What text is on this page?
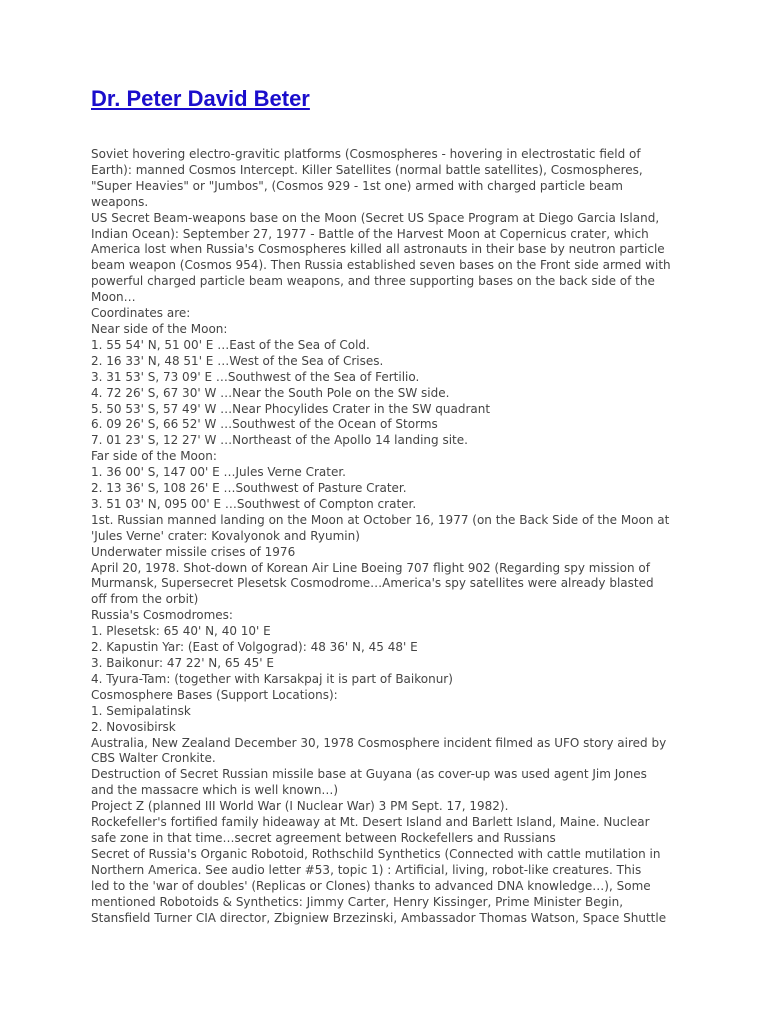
Dr. Peter David Beter
Soviet hovering electro-gravitic platforms (Cosmospheres - hovering in electrostatic field of
Earth): manned Cosmos Intercept. Killer Satellites (normal battle satellites), Cosmospheres,
"Super Heavies" or "Jumbos", (Cosmos 929 - 1st one) armed with charged particle beam
weapons.
US Secret Beam-weapons base on the Moon (Secret US Space Program at Diego Garcia Island,
Indian Ocean): September 27, 1977 - Battle of the Harvest Moon at Copernicus crater, which
America lost when Russia's Cosmospheres killed all astronauts in their base by neutron particle
beam weapon (Cosmos 954). Then Russia established seven bases on the Front side armed with
powerful charged particle beam weapons, and three supporting bases on the back side of the
Moon…
Coordinates are:
Near side of the Moon:
1. 55 54' N, 51 00' E …East of the Sea of Cold.
2. 16 33' N, 48 51' E …West of the Sea of Crises.
3. 31 53' S, 73 09' E …Southwest of the Sea of Fertilio.
4. 72 26' S, 67 30' W …Near the South Pole on the SW side.
5. 50 53' S, 57 49' W …Near Phocylides Crater in the SW quadrant
6. 09 26' S, 66 52' W …Southwest of the Ocean of Storms
7. 01 23' S, 12 27' W …Northeast of the Apollo 14 landing site.
Far side of the Moon:
1. 36 00' S, 147 00' E …Jules Verne Crater.
2. 13 36' S, 108 26' E …Southwest of Pasture Crater.
3. 51 03' N, 095 00' E …Southwest of Compton crater.
1st. Russian manned landing on the Moon at October 16, 1977 (on the Back Side of the Moon at
'Jules Verne' crater: Kovalyonok and Ryumin)
Underwater missile crises of 1976
April 20, 1978. Shot-down of Korean Air Line Boeing 707 flight 902 (Regarding spy mission of
Murmansk, Supersecret Plesetsk Cosmodrome…America's spy satellites were already blasted
off from the orbit)
Russia's Cosmodromes:
1. Plesetsk: 65 40' N, 40 10' E
2. Kapustin Yar: (East of Volgograd): 48 36' N, 45 48' E
3. Baikonur: 47 22' N, 65 45' E
4. Tyura-Tam: (together with Karsakpaj it is part of Baikonur)
Cosmosphere Bases (Support Locations):
1. Semipalatinsk
2. Novosibirsk
Australia, New Zealand December 30, 1978 Cosmosphere incident filmed as UFO story aired by
CBS Walter Cronkite.
Destruction of Secret Russian missile base at Guyana (as cover-up was used agent Jim Jones
and the massacre which is well known…)
Project Z (planned III World War (I Nuclear War) 3 PM Sept. 17, 1982).
Rockefeller's fortified family hideaway at Mt. Desert Island and Barlett Island, Maine. Nuclear
safe zone in that time…secret agreement between Rockefellers and Russians
Secret of Russia's Organic Robotoid, Rothschild Synthetics (Connected with cattle mutilation in
Northern America. See audio letter #53, topic 1) : Artificial, living, robot-like creatures. This
led to the 'war of doubles' (Replicas or Clones) thanks to advanced DNA knowledge…), Some
mentioned Robotoids & Synthetics: Jimmy Carter, Henry Kissinger, Prime Minister Begin,
Stansfield Turner CIA director, Zbigniew Brzezinski, Ambassador Thomas Watson, Space Shuttle
